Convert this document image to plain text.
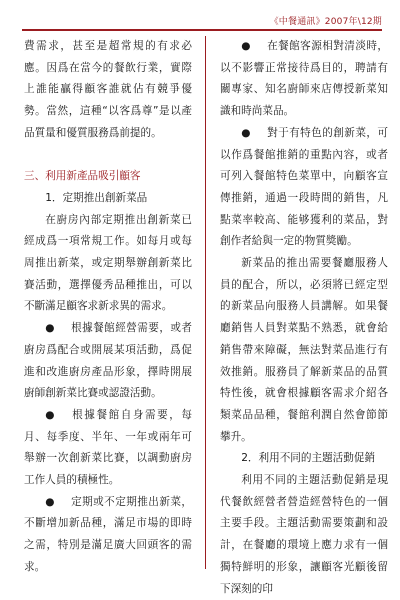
《中餐通訊》2007年\12期

費需求，甚至是超常規的有求必應。因爲在當今的餐飲行業，實際上誰能贏得顧客誰就佔有競爭優勢。當然，這種“以客爲尊”是以產品質量和優質服務爲前提的。

三、利用新產品吸引顧客

1．定期推出創新菜品

在廚房內部定期推出創新菜已經成爲一項常規工作。如每月或每周推出新菜，或定期舉辦創新菜比賽活動，選擇優秀品種推出，可以不斷滿足顧客求新求異的需求。

● 根據餐館經營需要，或者廚房爲配合或開展某項活動，爲促進和改進廚房產品形象，擇時開展廚師創新菜比賽或認證活動。

● 根據餐館自身需要，每月、每季度、半年、一年或兩年可舉辦一次創新菜比賽，以調動廚房工作人員的積極性。

● 定期或不定期推出新菜，不斷增加新品種，滿足市場的即時之需，特別是滿足廣大回頭客的需求。

● 在餐館客源相對清淡時，以不影響正常接待爲目的，聘請有關專家、知名廚師來店傳授新菜知識和時尚菜品。

● 對于有特色的創新菜，可以作爲餐館推銷的重點內容，或者可列入餐館特色菜單中，向顧客宣傳推銷，通過一段時間的銷售，凡點菜率較高、能够獲利的菜品，對創作者給與一定的物質獎勵。

新菜品的推出需要餐廳服務人員的配合，所以，必須將已經定型的新菜品向服務人員講解。如果餐廳銷售人員對菜點不熟悉，就會給銷售帶來障礙，無法對菜品進行有效推銷。服務員了解新菜品的品質特性後，就會根據顧客需求介紹各類菜品品種，餐館利潤自然會節節攀升。

2．利用不同的主題活動促銷

利用不同的主題活動促銷是現代餐飲經營者營造經營特色的一個主要手段。主題活動需要策劃和設計，在餐廳的環境上應力求有一個獨特鮮明的形象，讓顧客光顧後留下深刻的印
